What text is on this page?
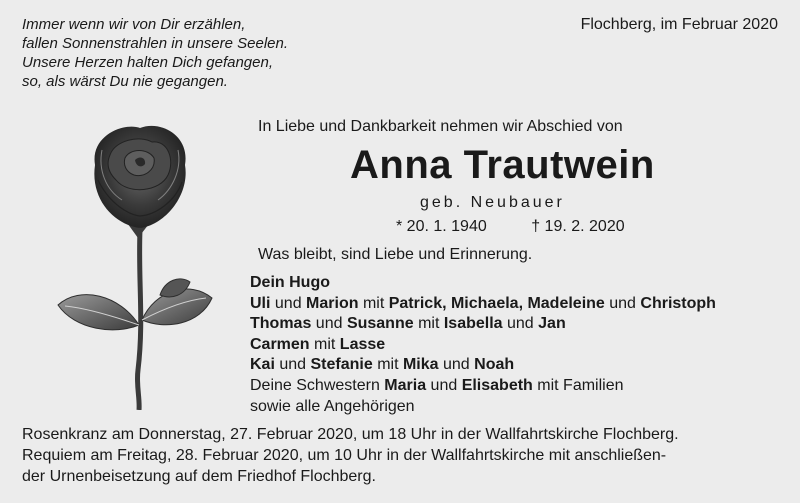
Immer wenn wir von Dir erzählen,
fallen Sonnenstrahlen in unsere Seelen.
Unsere Herzen halten Dich gefangen,
so, als wärst Du nie gegangen.
Flochberg, im Februar 2020
In Liebe und Dankbarkeit nehmen wir Abschied von
Anna Trautwein
geb. Neubauer
* 20. 1. 1940	† 19. 2. 2020
Was bleibt, sind Liebe und Erinnerung.
Dein Hugo
Uli und Marion mit Patrick, Michaela, Madeleine und Christoph
Thomas und Susanne mit Isabella und Jan
Carmen mit Lasse
Kai und Stefanie mit Mika und Noah
Deine Schwestern Maria und Elisabeth mit Familien
sowie alle Angehörigen
Rosenkranz am Donnerstag, 27. Februar 2020, um 18 Uhr in der Wallfahrtskirche Flochberg.
Requiem am Freitag, 28. Februar 2020, um 10 Uhr in der Wallfahrtskirche mit anschließen-
der Urnenbeisetzung auf dem Friedhof Flochberg.
